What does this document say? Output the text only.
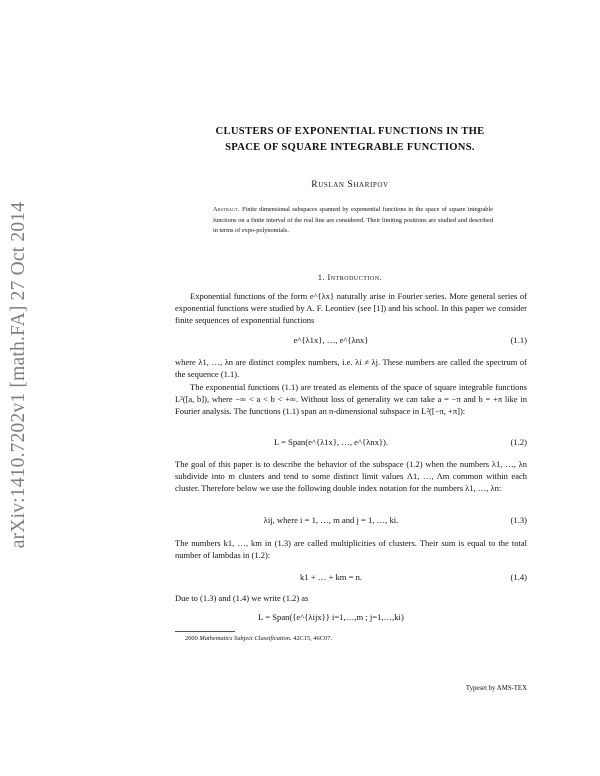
arXiv:1410.7202v1 [math.FA] 27 Oct 2014
CLUSTERS OF EXPONENTIAL FUNCTIONS IN THE
SPACE OF SQUARE INTEGRABLE FUNCTIONS.
Ruslan Sharipov
Abstract. Finite dimensional subspaces spanned by exponential functions in the space of square integrable functions on a finite interval of the real line are considered. Their limiting positions are studied and described in terms of expo-polynomials.
1. Introduction.
Exponential functions of the form e^{λx} naturally arise in Fourier series. More general series of exponential functions were studied by A. F. Leontiev (see [1]) and his school. In this paper we consider finite sequences of exponential functions
e^{λ1x}, …, e^{λnx}	(1.1)
where λ1, …, λn are distinct complex numbers, i.e. λi ≠ λj. These numbers are called the spectrum of the sequence (1.1).
The exponential functions (1.1) are treated as elements of the space of square integrable functions L²([a, b]), where −∞ < a < b < +∞. Without loss of generality we can take a = −π and b = +π like in Fourier analysis. The functions (1.1) span an n-dimensional subspace in L²([−π, +π]):
L = Span(e^{λ1x}, …, e^{λnx}).	(1.2)
The goal of this paper is to describe the behavior of the subspace (1.2) when the numbers λ1, …, λn subdivide into m clusters and tend to some distinct limit values Λ1, …, Λm common within each cluster. Therefore below we use the following double index notation for the numbers λ1, …, λn:
λij, where i = 1, …, m and j = 1, …, ki.	(1.3)
The numbers k1, …, km in (1.3) are called multiplicities of clusters. Their sum is equal to the total number of lambdas in (1.2):
k1 + … + km = n.	(1.4)
Due to (1.3) and (1.4) we write (1.2) as
L = Span({e^{λijx}} i=1,…,m ; j=1,…,ki)
2000 Mathematics Subject Classification. 42C15, 46C07.
Typeset by AMS-TEX
